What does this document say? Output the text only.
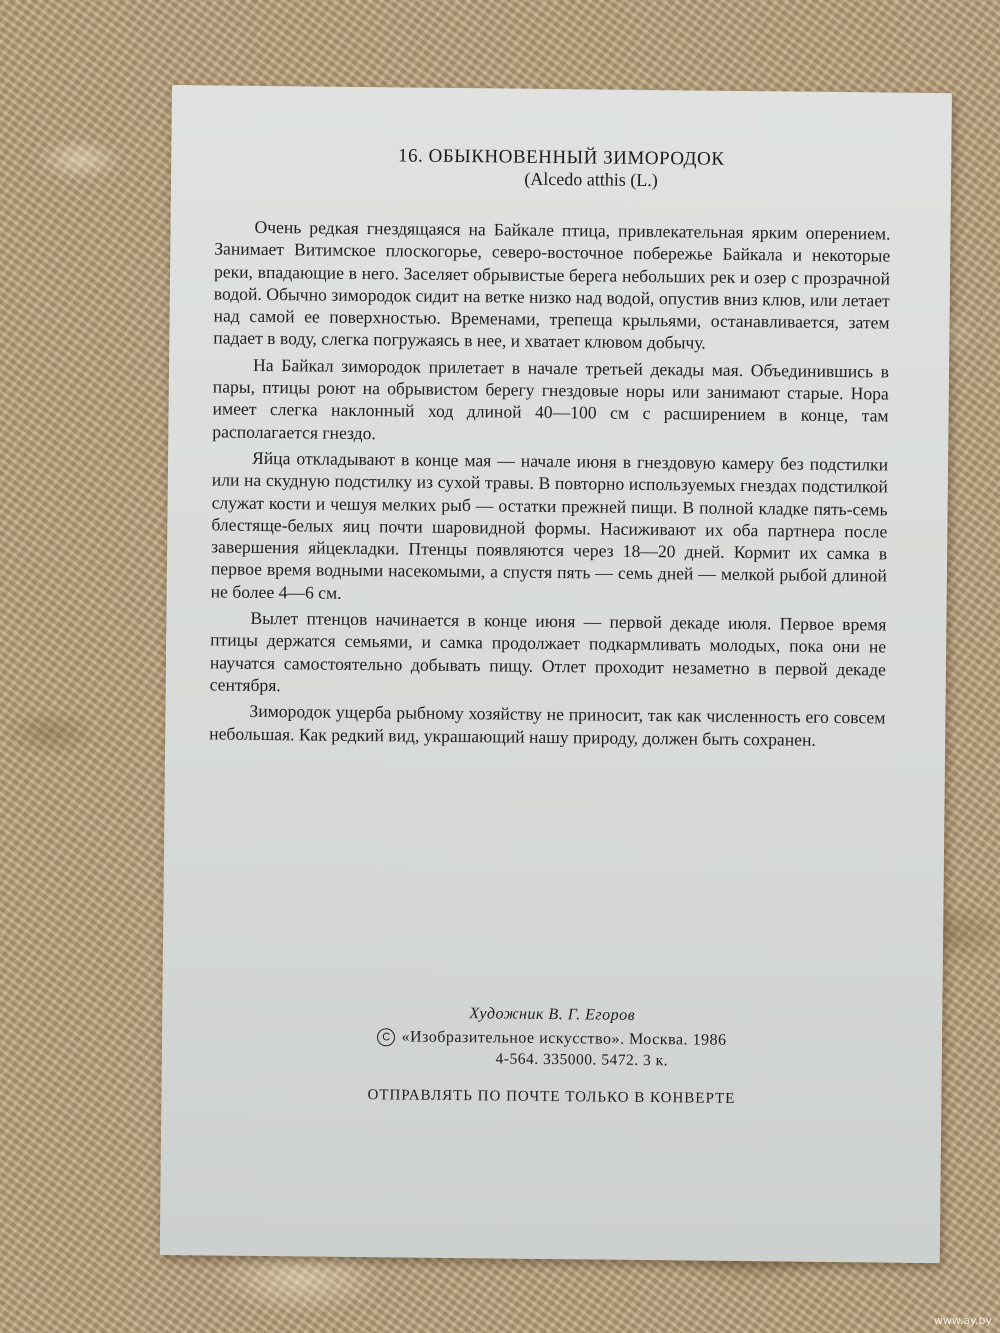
16. ОБЫКНОВЕННЫЙ ЗИМОРОДОК
(Alcedo atthis (L.)

Очень редкая гнездящаяся на Байкале птица, привлекательная ярким оперением. Занимает Витимское плоскогорье, северо-восточное побережье Байкала и некоторые реки, впадающие в него. Заселяет обрывистые берега небольших рек и озер с прозрачной водой. Обычно зимородок сидит на ветке низко над водой, опустив вниз клюв, или летает над самой ее поверхностью. Временами, трепеща крыльями, останавливается, затем падает в воду, слегка погружаясь в нее, и хватает клювом добычу.

На Байкал зимородок прилетает в начале третьей декады мая. Объединившись в пары, птицы роют на обрывистом берегу гнездовые норы или занимают старые. Нора имеет слегка наклонный ход длиной 40—100 см с расширением в конце, там располагается гнездо.

Яйца откладывают в конце мая — начале июня в гнездовую камеру без подстилки или на скудную подстилку из сухой травы. В повторно используемых гнездах подстилкой служат кости и чешуя мелких рыб — остатки прежней пищи. В полной кладке пять-семь блестяще-белых яиц почти шаровидной формы. Насиживают их оба партнера после завершения яйцекладки. Птенцы появляются через 18—20 дней. Кормит их самка в первое время водными насекомыми, а спустя пять — семь дней — мелкой рыбой длиной не более 4—6 см.

Вылет птенцов начинается в конце июня — первой декаде июля. Первое время птицы держатся семьями, и самка продолжает подкармливать молодых, пока они не научатся самостоятельно добывать пищу. Отлет проходит незаметно в первой декаде сентября.

Зимородок ущерба рыбному хозяйству не приносит, так как численность его совсем небольшая. Как редкий вид, украшающий нашу природу, должен быть сохранен.

Художник В. Г. Егоров
C «Изобразительное искусство». Москва. 1986
4-564. 335000. 5472. 3 к.
ОТПРАВЛЯТЬ ПО ПОЧТЕ ТОЛЬКО В КОНВЕРТЕ
www.ay.by
